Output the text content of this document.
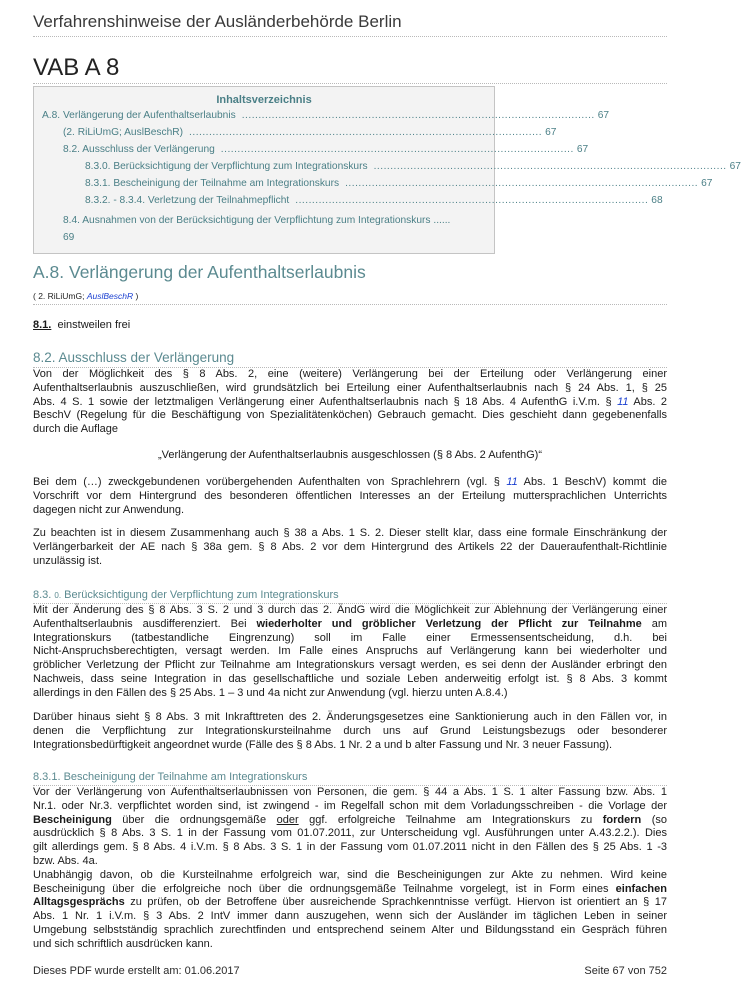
Verfahrenshinweise der Ausländerbehörde Berlin
VAB A 8
Inhaltsverzeichnis
A.8. Verlängerung der Aufenthaltserlaubnis .......................................................................................................... 67
(2. RiLiUmG; AuslBeschR) .......................................................................................................... 67
8.2. Ausschluss der Verlängerung .......................................................................................................... 67
8.3.0. Berücksichtigung der Verpflichtung zum Integrationskurs .......................................................................................................... 67
8.3.1. Bescheinigung der Teilnahme am Integrationskurs .......................................................................................................... 67
8.3.2. - 8.3.4. Verletzung der Teilnahmepflicht .......................................................................................................... 68
8.4. Ausnahmen von der Berücksichtigung der Verpflichtung zum Integrationskurs ......
69
A.8. Verlängerung der Aufenthaltserlaubnis
( 2. RiLiUmG; AuslBeschR )
8.1. einstweilen frei
8.2. Ausschluss der Verlängerung
Von der Möglichkeit des § 8 Abs. 2, eine (weitere) Verlängerung bei der Erteilung oder Verlängerung einer
Aufenthaltserlaubnis auszuschließen, wird grundsätzlich bei Erteilung einer Aufenthaltserlaubnis nach § 24 Abs. 1, § 25
Abs. 4 S. 1 sowie der letztmaligen Verlängerung einer Aufenthaltserlaubnis nach § 18 Abs. 4 AufenthG i.V.m. § 11 Abs. 2
BeschV (Regelung für die Beschäftigung von Spezialitätenköchen) Gebrauch gemacht. Dies geschieht dann gegebenenfalls
durch die Auflage
„Verlängerung der Aufenthaltserlaubnis ausgeschlossen (§ 8 Abs. 2 AufenthG)“
Bei dem (…) zweckgebundenen vorübergehenden Aufenthalten von Sprachlehrern (vgl. § 11 Abs. 1 BeschV) kommt die
Vorschrift vor dem Hintergrund des besonderen öffentlichen Interesses an der Erteilung muttersprachlichen Unterrichts
dagegen nicht zur Anwendung.
Zu beachten ist in diesem Zusammenhang auch § 38 a Abs. 1 S. 2. Dieser stellt klar, dass eine formale Einschränkung der
Verlängerbarkeit der AE nach § 38a gem. § 8 Abs. 2 vor dem Hintergrund des Artikels 22 der Daueraufenthalt-Richtlinie
unzulässig ist.
8.3. 0. Berücksichtigung der Verpflichtung zum Integrationskurs
Mit der Änderung des § 8 Abs. 3 S. 2 und 3 durch das 2. ÄndG wird die Möglichkeit zur Ablehnung der Verlängerung einer
Aufenthaltserlaubnis ausdifferenziert. Bei wiederholter und gröblicher Verletzung der Pflicht zur Teilnahme am
Integrationskurs     (tatbestandliche     Eingrenzung)     soll     im     Falle     einer     Ermessensentscheidung,     d.h.     bei
Nicht-Anspruchsberechtigten, versagt werden. Im Falle eines Anspruchs auf Verlängerung kann bei wiederholter und
gröblicher Verletzung der Pflicht zur Teilnahme am Integrationskurs versagt werden, es sei denn der Ausländer erbringt den
Nachweis, dass seine Integration in das gesellschaftliche und soziale Leben anderweitig erfolgt ist. § 8 Abs. 3 kommt
allerdings in den Fällen des § 25 Abs. 1 – 3 und 4a nicht zur Anwendung (vgl. hierzu unten A.8.4.)
Darüber hinaus sieht § 8 Abs. 3 mit Inkrafttreten des 2. Änderungsgesetzes eine Sanktionierung auch in den Fällen vor, in
denen die Verpflichtung zur Integrationskursteilnahme durch uns auf Grund Leistungsbezugs oder besonderer
Integrationsbedürftigkeit angeordnet wurde (Fälle des § 8 Abs. 1 Nr. 2 a und b alter Fassung und Nr. 3 neuer Fassung).
8.3.1. Bescheinigung der Teilnahme am Integrationskurs
Vor der Verlängerung von Aufenthaltserlaubnissen von Personen, die gem. § 44 a Abs. 1 S. 1 alter Fassung bzw. Abs. 1
Nr.1. oder Nr.3. verpflichtet worden sind, ist zwingend - im Regelfall schon mit dem Vorladungsschreiben - die Vorlage der
Bescheinigung über die ordnungsgemäße oder ggf. erfolgreiche Teilnahme am Integrationskurs zu fordern (so
ausdrücklich § 8 Abs. 3 S. 1 in der Fassung vom 01.07.2011, zur Unterscheidung vgl. Ausführungen unter A.43.2.2.). Dies
gilt allerdings gem. § 8 Abs. 4 i.V.m. § 8 Abs. 3 S. 1 in der Fassung vom 01.07.2011 nicht in den Fällen des § 25 Abs. 1 -3
bzw. Abs. 4a.
Unabhängig davon, ob die Kursteilnahme erfolgreich war, sind die Bescheinigungen zur Akte zu nehmen. Wird keine
Bescheinigung über die erfolgreiche noch über die ordnungsgemäße Teilnahme vorgelegt, ist in Form eines einfachen
Alltagsgesprächs zu prüfen, ob der Betroffene über ausreichende Sprachkenntnisse verfügt. Hiervon ist orientiert an § 17
Abs. 1 Nr. 1 i.V.m. § 3 Abs. 2 IntV immer dann auszugehen, wenn sich der Ausländer im täglichen Leben in seiner
Umgebung selbstständig sprachlich zurechtfinden und entsprechend seinem Alter und Bildungsstand ein Gespräch führen
und sich schriftlich ausdrücken kann.
Dieses PDF wurde erstellt am: 01.06.2017	Seite 67 von 752
